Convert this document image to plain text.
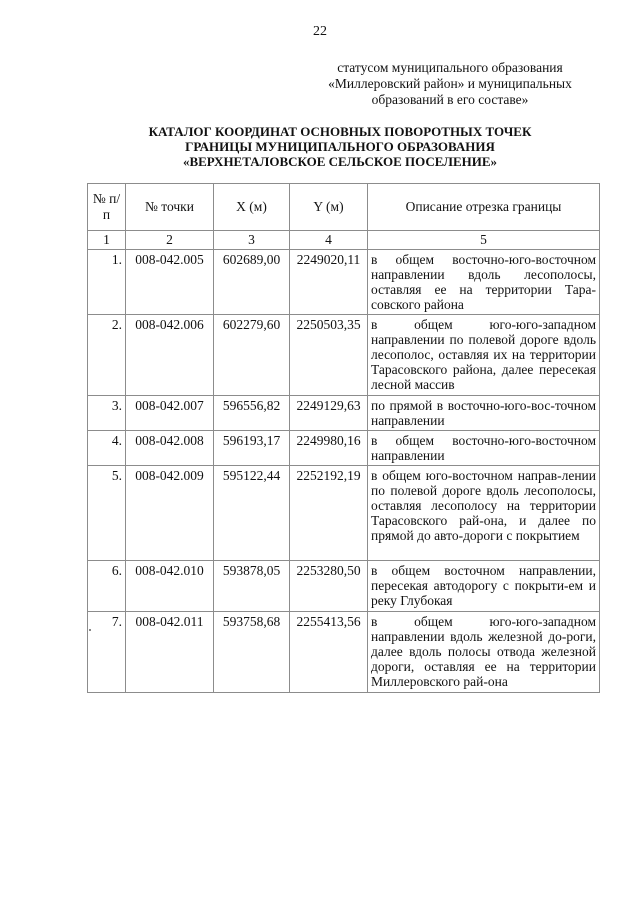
22
статусом муниципального образования
«Миллеровский район» и муниципальных
образований в его составе»
КАТАЛОГ КООРДИНАТ ОСНОВНЫХ ПОВОРОТНЫХ ТОЧЕК
ГРАНИЦЫ МУНИЦИПАЛЬНОГО ОБРАЗОВАНИЯ
«ВЕРХНЕТАЛОВСКОЕ СЕЛЬСКОЕ ПОСЕЛЕНИЕ»
№ п/п	№ точки	X (м)	Y (м)	Описание отрезка границы
1	2	3	4	5
1.	008-042.005	602689,00	2249020,11	в общем восточно-юго-восточном направлении вдоль лесополосы, оставляя ее на территории Тара-совского района
2.	008-042.006	602279,60	2250503,35	в общем юго-юго-западном направлении по полевой дороге вдоль лесополос, оставляя их на территории Тарасовского района, далее пересекая лесной массив
3.	008-042.007	596556,82	2249129,63	по прямой в восточно-юго-вос-точном направлении
4.	008-042.008	596193,17	2249980,16	в общем восточно-юго-восточном направлении
5.	008-042.009	595122,44	2252192,19	в общем юго-восточном направ-лении по полевой дороге вдоль лесополосы, оставляя лесополосу на территории Тарасовского рай-она, и далее по прямой до авто-дороги с покрытием
6.	008-042.010	593878,05	2253280,50	в общем восточном направлении, пересекая автодорогу с покрыти-ем и реку Глубокая
7.	008-042.011	593758,68	2255413,56	в общем юго-юго-западном направлении вдоль железной до-роги, далее вдоль полосы отвода железной дороги, оставляя ее на территории Миллеровского рай-она
